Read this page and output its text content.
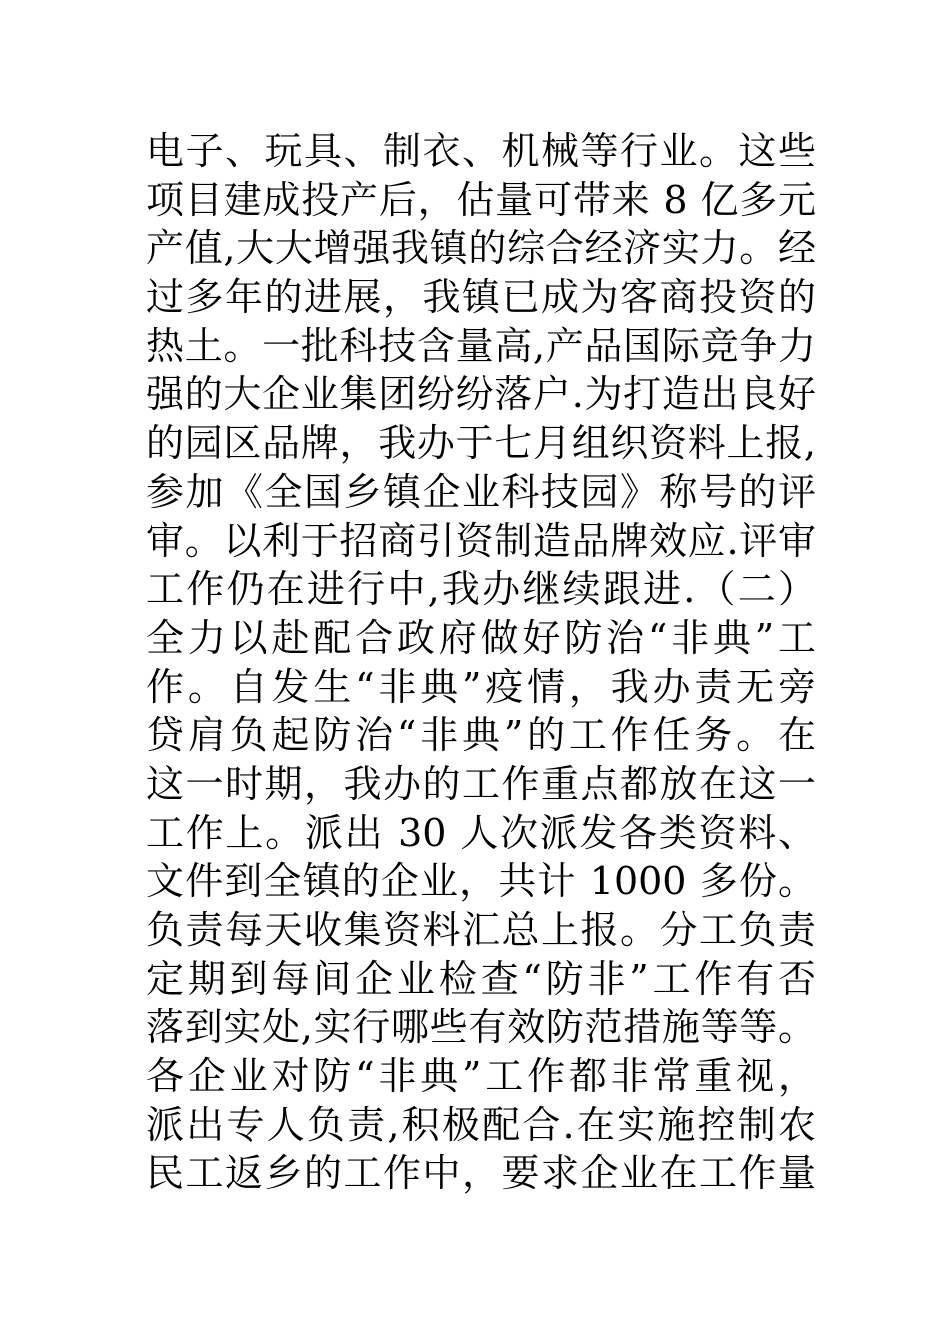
电子、玩具、制衣、机械等行业。这些
项目建成投产后，估量可带来 8 亿多元
产值,大大增强我镇的综合经济实力。经
过多年的进展，我镇已成为客商投资的
热土。一批科技含量高,产品国际竞争力
强的大企业集团纷纷落户.为打造出良好
的园区品牌，我办于七月组织资料上报,
参加《全国乡镇企业科技园》称号的评
审。以利于招商引资制造品牌效应.评审
工作仍在进行中,我办继续跟进.（二）
全力以赴配合政府做好防治“非典”工
作。自发生“非典”疫情，我办责无旁
贷肩负起防治“非典”的工作任务。在
这一时期，我办的工作重点都放在这一
工作上。派出 30 人次派发各类资料、
文件到全镇的企业，共计 1000 多份。
负责每天收集资料汇总上报。分工负责
定期到每间企业检查“防非”工作有否
落到实处,实行哪些有效防范措施等等。
各企业对防“非典”工作都非常重视，
派出专人负责,积极配合.在实施控制农
民工返乡的工作中，要求企业在工作量
